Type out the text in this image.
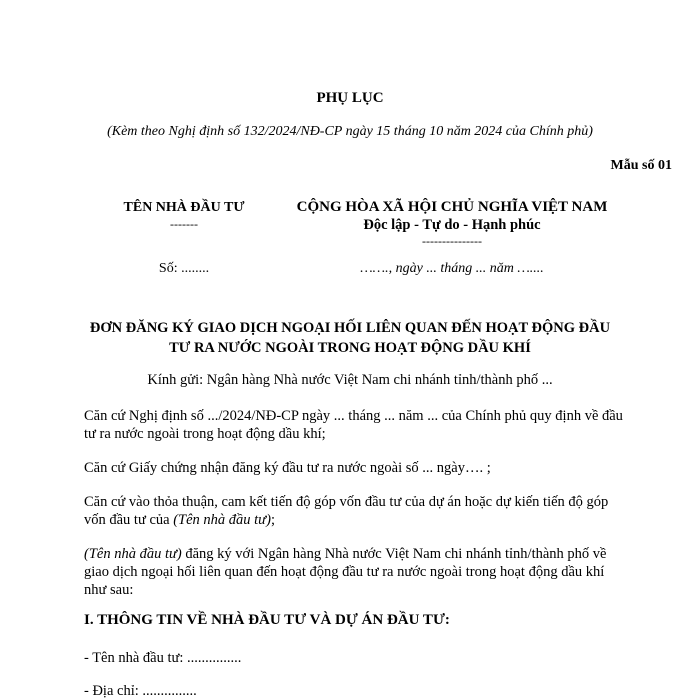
PHỤ LỤC
(Kèm theo Nghị định số 132/2024/NĐ-CP ngày 15 tháng 10 năm 2024 của Chính phủ)
Mẫu số 01
TÊN NHÀ ĐẦU TƯ
-------
Số: ........
CỘNG HÒA XÃ HỘI CHỦ NGHĨA VIỆT NAM
Độc lập - Tự do - Hạnh phúc
---------------
……., ngày ... tháng ... năm …....
ĐƠN ĐĂNG KÝ GIAO DỊCH NGOẠI HỐI LIÊN QUAN ĐẾN HOẠT ĐỘNG ĐẦU
TƯ RA NƯỚC NGOÀI TRONG HOẠT ĐỘNG DẦU KHÍ
Kính gửi: Ngân hàng Nhà nước Việt Nam chi nhánh tỉnh/thành phố ...
Căn cứ Nghị định số .../2024/NĐ-CP ngày ... tháng ... năm ... của Chính phủ quy định về đầu tư ra nước ngoài trong hoạt động dầu khí;
Căn cứ Giấy chứng nhận đăng ký đầu tư ra nước ngoài số ... ngày…. ;
Căn cứ vào thỏa thuận, cam kết tiến độ góp vốn đầu tư của dự án hoặc dự kiến tiến độ góp vốn đầu tư của (Tên nhà đầu tư);
(Tên nhà đầu tư) đăng ký với Ngân hàng Nhà nước Việt Nam chi nhánh tỉnh/thành phố về giao dịch ngoại hối liên quan đến hoạt động đầu tư ra nước ngoài trong hoạt động dầu khí như sau:
I. THÔNG TIN VỀ NHÀ ĐẦU TƯ VÀ DỰ ÁN ĐẦU TƯ:
- Tên nhà đầu tư: ...............
- Địa chỉ: ...............
